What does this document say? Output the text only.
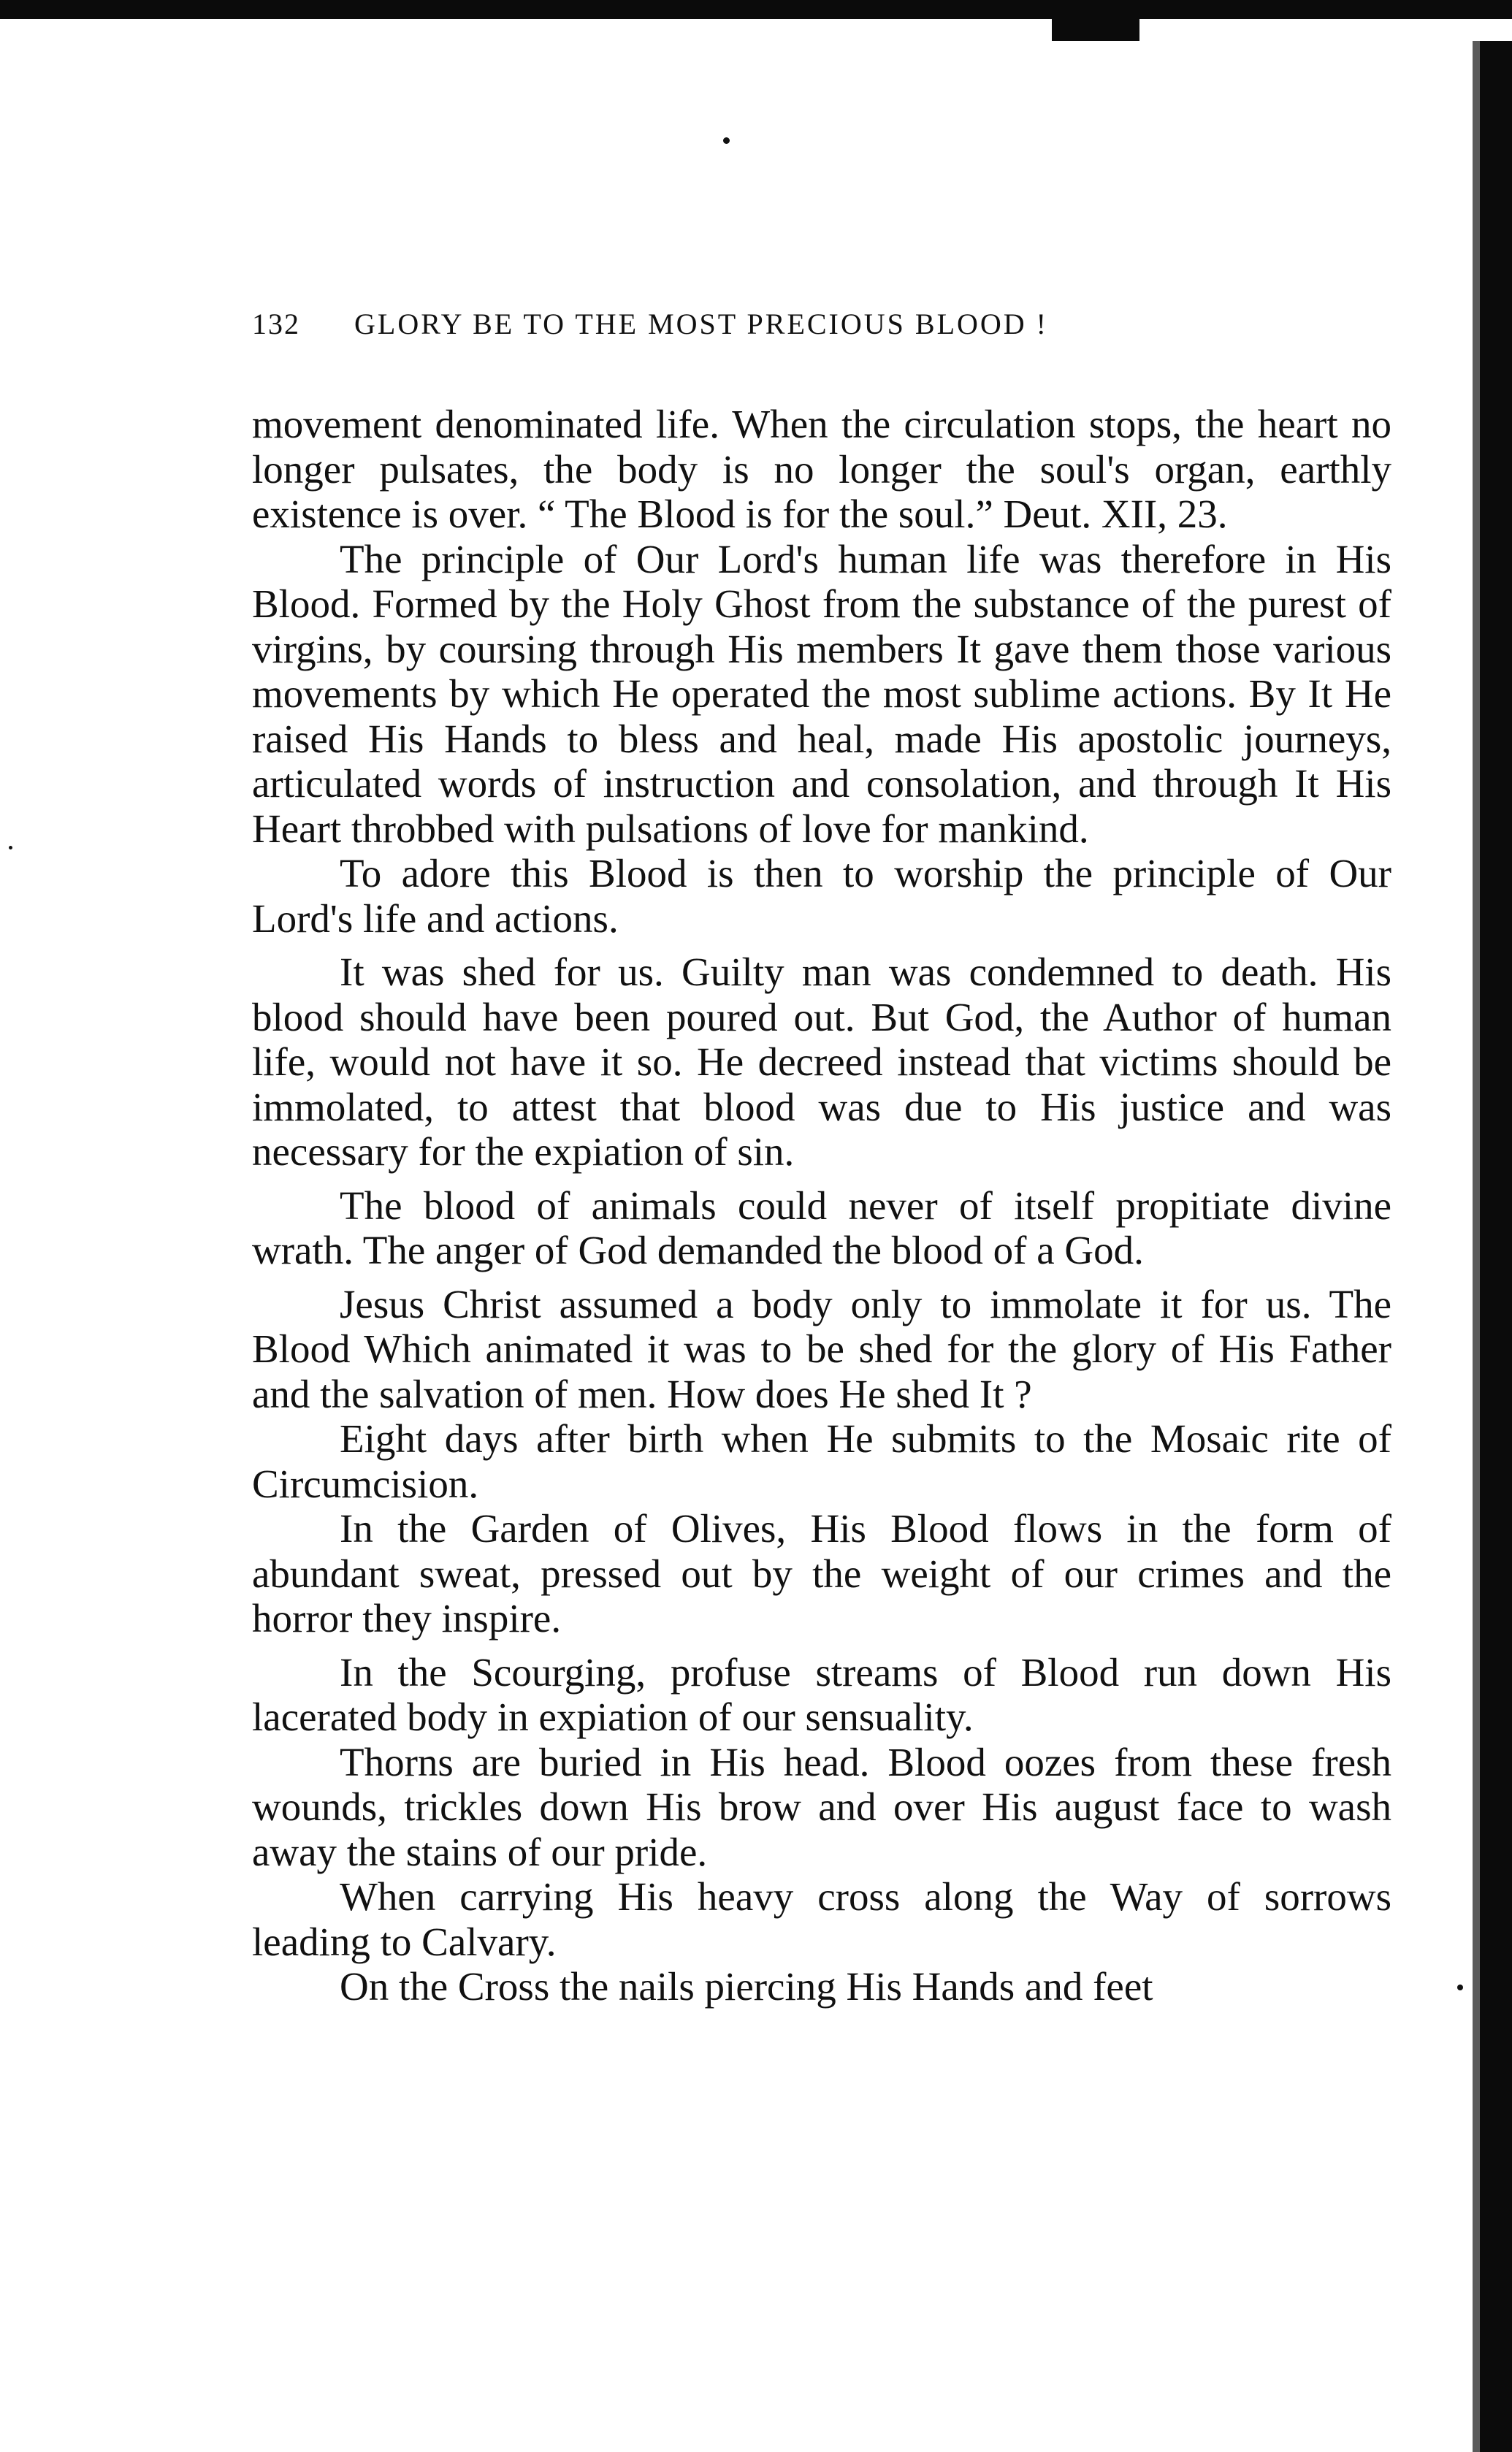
132	GLORY BE TO THE MOST PRECIOUS BLOOD !

movement denominated life. When the circulation stops, the heart no longer pulsates, the body is no longer the soul's organ, earthly existence is over. “ The Blood is for the soul.” Deut. XII, 23.

The principle of Our Lord's human life was therefore in His Blood. Formed by the Holy Ghost from the substance of the purest of virgins, by coursing through His members It gave them those various movements by which He operated the most sublime actions. By It He raised His Hands to bless and heal, made His apostolic journeys, articulated words of instruction and consolation, and through It His Heart throbbed with pulsations of love for mankind.

To adore this Blood is then to worship the principle of Our Lord's life and actions.

It was shed for us. Guilty man was condemned to death. His blood should have been poured out. But God, the Author of human life, would not have it so. He decreed instead that victims should be immolated, to attest that blood was due to His justice and was necessary for the expiation of sin.

The blood of animals could never of itself propitiate divine wrath. The anger of God demanded the blood of a God.

Jesus Christ assumed a body only to immolate it for us. The Blood Which animated it was to be shed for the glory of His Father and the salvation of men. How does He shed It ?

Eight days after birth when He submits to the Mosaic rite of Circumcision.

In the Garden of Olives, His Blood flows in the form of abundant sweat, pressed out by the weight of our crimes and the horror they inspire.

In the Scourging, profuse streams of Blood run down His lacerated body in expiation of our sensuality.

Thorns are buried in His head. Blood oozes from these fresh wounds, trickles down His brow and over His august face to wash away the stains of our pride.

When carrying His heavy cross along the Way of sorrows leading to Calvary.

On the Cross the nails piercing His Hands and feet
